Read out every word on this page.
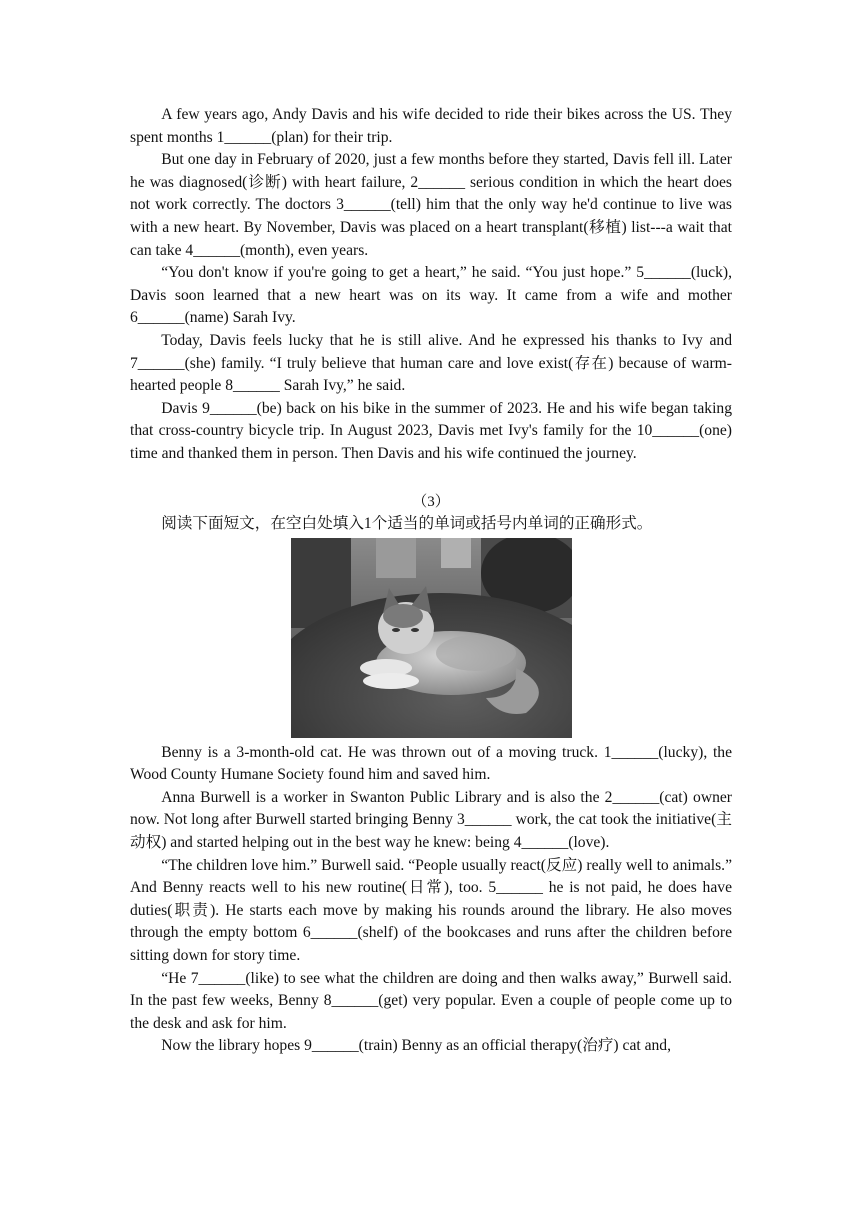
A few years ago, Andy Davis and his wife decided to ride their bikes across the US. They spent months 1______(plan) for their trip.

But one day in February of 2020, just a few months before they started, Davis fell ill. Later he was diagnosed(诊断) with heart failure, 2______ serious condition in which the heart does not work correctly. The doctors 3______(tell) him that the only way he'd continue to live was with a new heart. By November, Davis was placed on a heart transplant(移植) list---a wait that can take 4______(month), even years.

“You don't know if you're going to get a heart,” he said. “You just hope.” 5______(luck), Davis soon learned that a new heart was on its way. It came from a wife and mother 6______(name) Sarah Ivy.

Today, Davis feels lucky that he is still alive. And he expressed his thanks to Ivy and 7______(she) family. “I truly believe that human care and love exist(存在) because of warm-hearted people 8______ Sarah Ivy,” he said.

Davis 9______(be) back on his bike in the summer of 2023. He and his wife began taking that cross-country bicycle trip. In August 2023, Davis met Ivy's family for the 10______(one) time and thanked them in person. Then Davis and his wife continued the journey.

（3）

阅读下面短文，在空白处填入1个适当的单词或括号内单词的正确形式。

Benny is a 3-month-old cat. He was thrown out of a moving truck. 1______(lucky), the Wood County Humane Society found him and saved him.

Anna Burwell is a worker in Swanton Public Library and is also the 2______(cat) owner now. Not long after Burwell started bringing Benny 3______ work, the cat took the initiative(主动权) and started helping out in the best way he knew: being 4______(love).

“The children love him.” Burwell said. “People usually react(反应) really well to animals.” And Benny reacts well to his new routine(日常), too. 5______ he is not paid, he does have duties(职责). He starts each move by making his rounds around the library. He also moves through the empty bottom 6______(shelf) of the bookcases and runs after the children before sitting down for story time.

“He 7______(like) to see what the children are doing and then walks away,” Burwell said. In the past few weeks, Benny 8______(get) very popular. Even a couple of people come up to the desk and ask for him.

Now the library hopes 9______(train) Benny as an official therapy(治疗) cat and,
